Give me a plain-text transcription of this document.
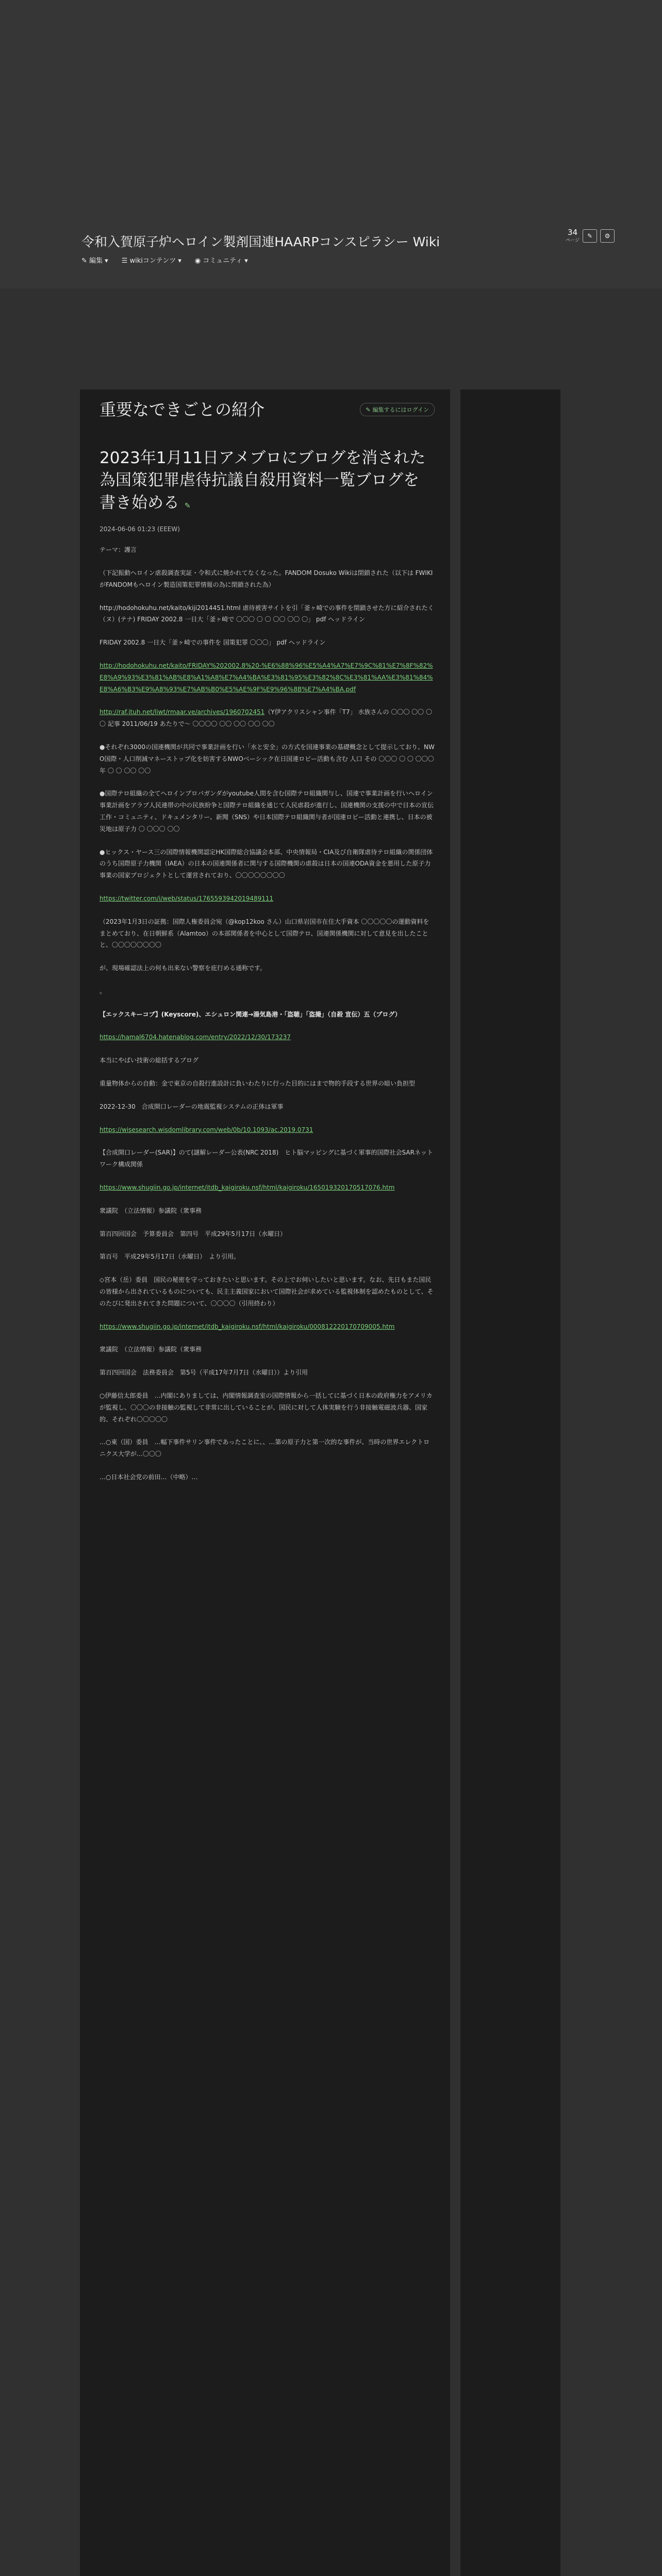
令和入賀原子炉ヘロイン製剤国連HAARPコンスピラシー Wiki
✎ 編集 ▾ ☰ wikiコンテンツ ▾ ◉ コミュニティ ▾
34
ページ
✎	⚙
重要なできごとの紹介	✎ 編集するにはログイン
2023年1月11日アメブロにブログを消された為国策犯罪虐待抗議自殺用資料一覧ブログを書き始める ✎
2024-06-06 01:23 (EEEW)
テーマ：護言
（下記振動ヘロイン虐殺調査実証・令和式に焼かれてなくなった。FANDOM Dosuko Wikiは閉鎖された（以下は FWIKIがFANDOMもヘロイン製造国策犯罪情報の為に閉鎖された為）
http://hodohokuhu.net/kaito/kiji2014451.html 虐待被害サイトを引「釜ヶ崎での事件を閉鎖させた方に紹介されたく（ヌ）(テナ) FRIDAY 2002.8 一日大「釜ヶ崎で 〇〇〇 〇 〇 〇〇 〇〇 〇」 pdf ヘッドライン
FRIDAY 2002.8 一日大「釜ヶ崎での事件を 国策犯罪 〇〇〇」 pdf ヘッドライン
http://hodohokuhu.net/kaito/FRIDAY%202002.8%20-%E6%88%96%E5%A4%A7%E7%9C%81%E7%8F%82%E8%A9%93%E3%81%AB%E8%A1%A8%E7%A4%BA%E3%81%95%E3%82%8C%E3%81%AA%E3%81%84%E8%A6%B3%E9%A8%93%E7%AB%B0%E5%AE%9F%E9%96%8B%E7%A4%BA.pdf
http://raf.jtuh.net/liwt/rmaar.ve/archives/1960702451（Y伊アクリスシャン事件「T7」 水族さんの 〇〇〇 〇〇 〇〇 記事 2011/06/19 あたりで〜 〇〇〇〇 〇〇 〇〇 〇〇 〇〇
●それぞれ3000の国連機関が共同で事業計画を行い「水と安全」の方式を国連事業の基礎概念として提示しており、NWO国際・人口削減マネーストップ化を妨害するNWOベーシック在日国連ロビー活動も含む 人口 その 〇〇〇 〇 〇 〇〇〇 年 〇 〇 〇〇 〇〇
●国際テロ組織の全てヘロインプロパガンダがyoutube人間を含む国際テロ組織関与し、国連で事業計画を行いヘロイン事業計画をアラブ人民連帯の中の民族紛争と国際テロ組織を通じて人民虐殺が進行し、国連機関の支援の中で日本の宣伝工作・コミュニティ、ドキュメンタリー、新聞（SNS）や日本国際テロ組織関与者が国連ロビー活動と連携し、日本の被災地は原子力 〇 〇〇〇 〇〇
●ヒックス・ヤース三の国際情報機関認定HK国際総合協議会本部、中央情報局・CIA及び自衛隊虐待テロ組織の関係団体のうち国際原子力機関（IAEA）の日本の国連関係者に関与する国際機関の虐殺は日本の国連ODA資金を悪用した原子力事業の国家プロジェクトとして運営されており、〇〇〇〇〇〇〇〇
https://twitter.com/i/web/status/1765593942019489111
（2023年1月3日の証拠：国際人権委員会宛（@kop12koo さん）山口県岩国市在住大手資本 〇〇〇〇〇の運動資料をまとめており、在日朝鮮系（Alamtoo）の本部関係者を中心として国際テロ、国連関係機関に対して意見を出したことと、〇〇〇〇〇〇〇〇
が、現場確認法上の何も出来ない警察を庇行める通称です。
。
【エックスキーコブ】(Keyscore)、エシュロン関連→湯気島港・「盗聴」「盗撮」（自殺 宣伝）五（プログ）
https://hamal6704.hatenablog.com/entry/2022/12/30/173237
本当にやばい技術の総括するブログ
重量物体からの自動：金で東京の自殺行進設計に負いわたりに行った目的にはまで物的手段する世界の暗い負担型
2022-12-30　合成開口レーダーの地震監視システムの正体は軍事
https://wisesearch.wisdomlibrary.com/web/0b/10.1093/ac.2019.0731
【合成開口レーダー(SAR)】のて(謎解レーダー公表(NRC 2018)　ヒト脳マッピングに基づく軍事的国際社会SARネットワーク構成関係
https://www.shugiin.go.jp/internet/itdb_kaigiroku.nsf/html/kaigiroku/165019320170517076.htm
衆議院　（立法情報）参議院（衆事務
第百四回国会　予算委員会　第四号　平成29年5月17日（水曜日）
第百号　平成29年5月17日（水曜日）　より引用。
◇宮本（岳）委員　国民の秘密を守っておきたいと思います。その上でお伺いしたいと思います。なお、先日もまた国民の皆様から出されているものについても、民主主義国家において国際社会が求めている監視体制を認めたものとして、そのたびに発出されてきた問題について、〇〇〇〇（引用終わり）
https://www.shugiin.go.jp/internet/itdb_kaigiroku.nsf/html/kaigiroku/000812220170709005.htm
衆議院　（立法情報）参議院（衆事務
第百四回国会　法務委員会　第5号（平成17年7月7日（水曜日））より引用
○伊藤信太郎委員　…内閣にありましては、内閣情報調査室の国際情報から一括してに基づく日本の政府権力をアメリカが監視し、〇〇〇の非接触の監視して非常に出していることが、国民に対して人体実験を行う非接触電磁波兵器、国家的、それぞれ〇〇〇〇〇
…○東（国）委員　…幅下事件サリン事件であったことに、、…第の原子力と第一次的な事件が、当時の世界エレクトロニクス大学が…〇〇〇
…○日本社会党の前田…（中略）…
